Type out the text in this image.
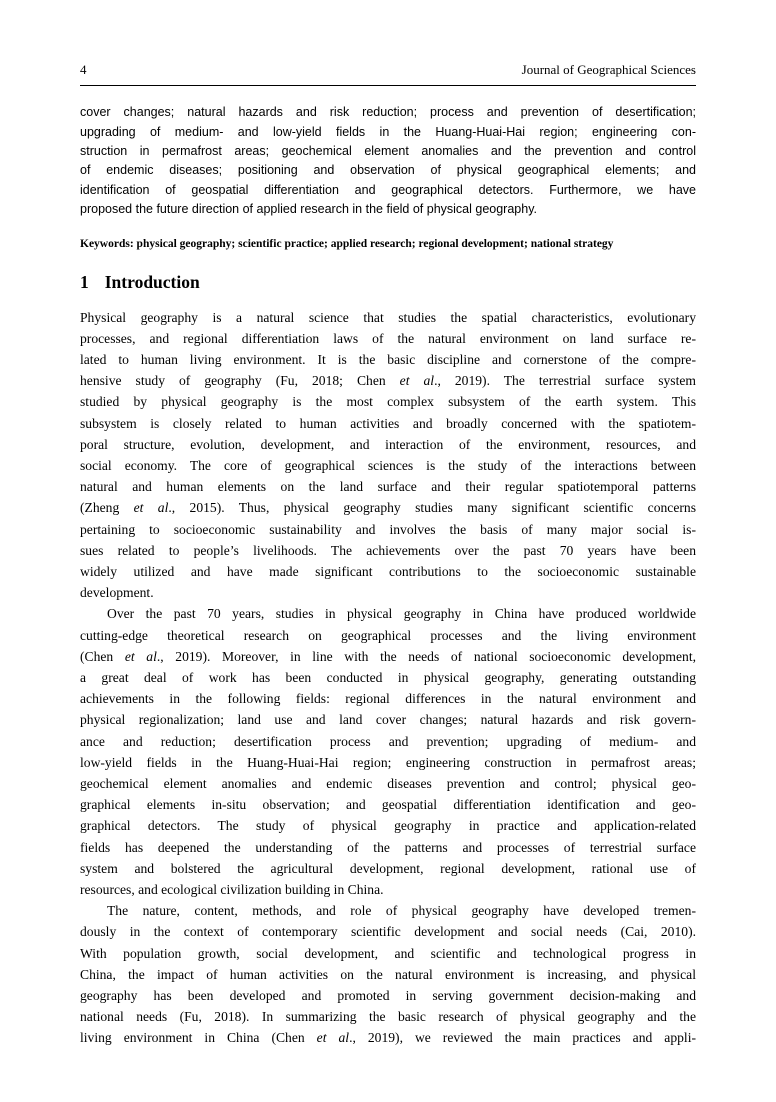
4	Journal of Geographical Sciences
cover changes; natural hazards and risk reduction; process and prevention of desertification;
upgrading of medium- and low-yield fields in the Huang-Huai-Hai region; engineering con-
struction in permafrost areas; geochemical element anomalies and the prevention and control
of endemic diseases; positioning and observation of physical geographical elements; and
identification of geospatial differentiation and geographical detectors. Furthermore, we have
proposed the future direction of applied research in the field of physical geography.
Keywords: physical geography; scientific practice; applied research; regional development; national strategy
1 Introduction
Physical geography is a natural science that studies the spatial characteristics, evolutionary
processes, and regional differentiation laws of the natural environment on land surface re-
lated to human living environment. It is the basic discipline and cornerstone of the compre-
hensive study of geography (Fu, 2018; Chen et al., 2019). The terrestrial surface system
studied by physical geography is the most complex subsystem of the earth system. This
subsystem is closely related to human activities and broadly concerned with the spatiotem-
poral structure, evolution, development, and interaction of the environment, resources, and
social economy. The core of geographical sciences is the study of the interactions between
natural and human elements on the land surface and their regular spatiotemporal patterns
(Zheng et al., 2015). Thus, physical geography studies many significant scientific concerns
pertaining to socioeconomic sustainability and involves the basis of many major social is-
sues related to people’s livelihoods. The achievements over the past 70 years have been
widely utilized and have made significant contributions to the socioeconomic sustainable
development.
Over the past 70 years, studies in physical geography in China have produced worldwide
cutting-edge theoretical research on geographical processes and the living environment
(Chen et al., 2019). Moreover, in line with the needs of national socioeconomic development,
a great deal of work has been conducted in physical geography, generating outstanding
achievements in the following fields: regional differences in the natural environment and
physical regionalization; land use and land cover changes; natural hazards and risk govern-
ance and reduction; desertification process and prevention; upgrading of medium- and
low-yield fields in the Huang-Huai-Hai region; engineering construction in permafrost areas;
geochemical element anomalies and endemic diseases prevention and control; physical geo-
graphical elements in-situ observation; and geospatial differentiation identification and geo-
graphical detectors. The study of physical geography in practice and application-related
fields has deepened the understanding of the patterns and processes of terrestrial surface
system and bolstered the agricultural development, regional development, rational use of
resources, and ecological civilization building in China.
The nature, content, methods, and role of physical geography have developed tremen-
dously in the context of contemporary scientific development and social needs (Cai, 2010).
With population growth, social development, and scientific and technological progress in
China, the impact of human activities on the natural environment is increasing, and physical
geography has been developed and promoted in serving government decision-making and
national needs (Fu, 2018). In summarizing the basic research of physical geography and the
living environment in China (Chen et al., 2019), we reviewed the main practices and appli-
